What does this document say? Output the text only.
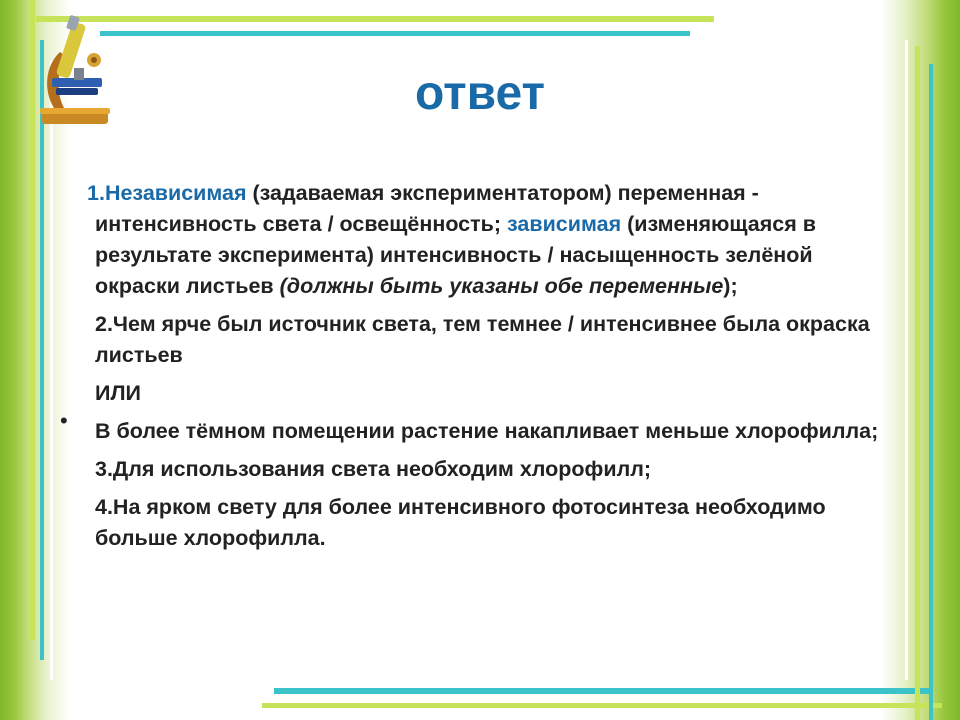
ответ
•

1.Независимая (задаваемая экспериментатором) переменная - интенсивность света / освещённость; зависимая (изменяющаяся в результате эксперимента) интенсивность / насыщенность зелёной окраски листьев (должны быть указаны обе переменные);

2.Чем ярче был источник света, тем темнее / интенсивнее была окраска листьев

ИЛИ

В более тёмном помещении растение накапливает меньше хлорофилла;

3.Для использования света необходим хлорофилл;

4.На ярком свету для более интенсивного фотосинтеза необходимо больше хлорофилла.
